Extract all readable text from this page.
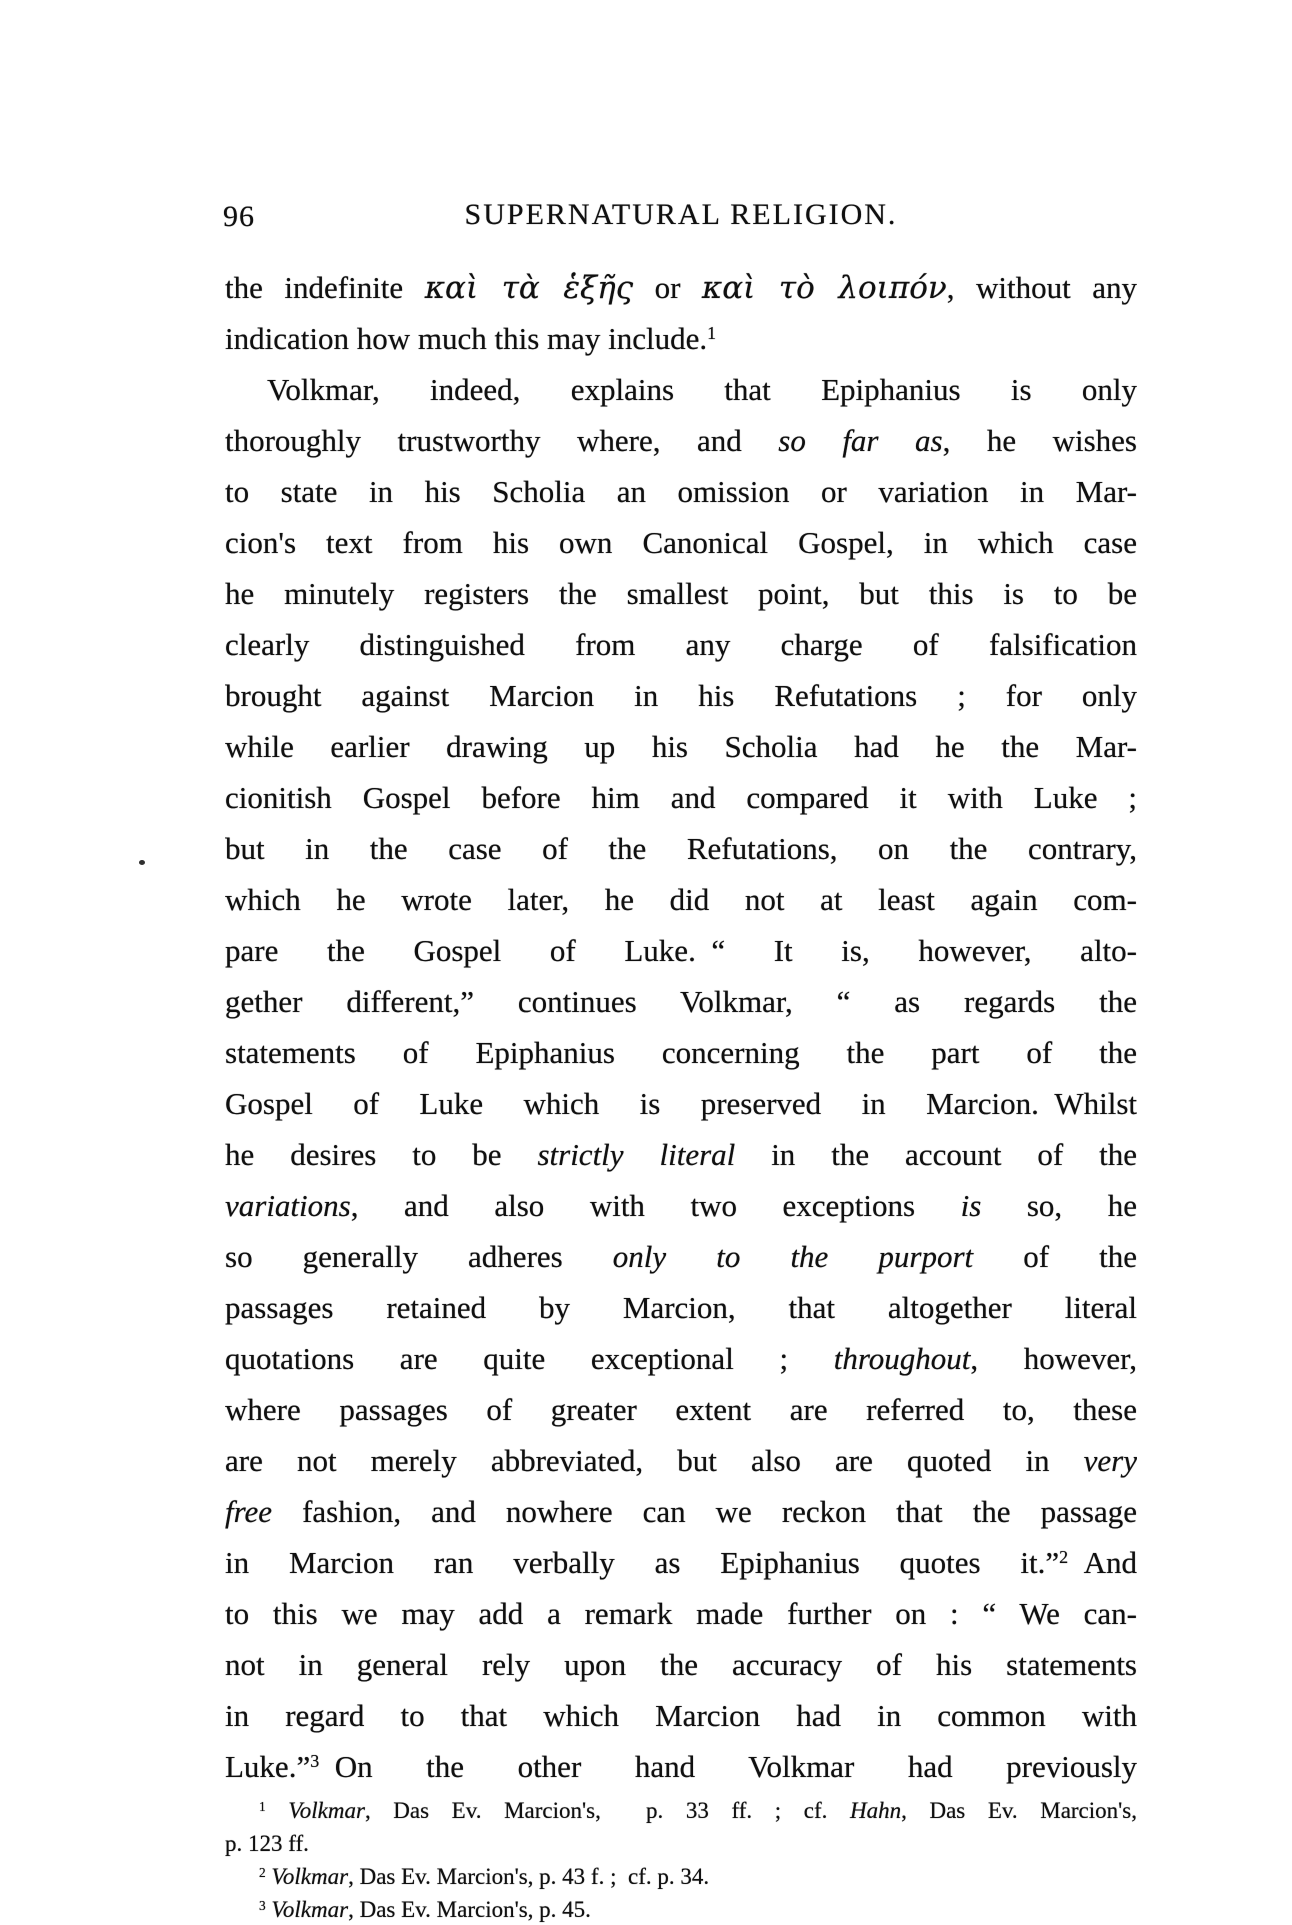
96	SUPERNATURAL RELIGION.
the indefinite καὶ τὰ ἑξῆς or καὶ τὸ λοιπόν, without any
indication how much this may include.$^1$
Volkmar, indeed, explains that Epiphanius is only
thoroughly trustworthy where, and so far as, he wishes
to state in his Scholia an omission or variation in Mar-
cion's text from his own Canonical Gospel, in which case
he minutely registers the smallest point, but this is to be
clearly distinguished from any charge of falsification
brought against Marcion in his Refutations ; for only
while earlier drawing up his Scholia had he the Mar-
cionitish Gospel before him and compared it with Luke ;
but in the case of the Refutations, on the contrary,
which he wrote later, he did not at least again com-
pare the Gospel of Luke. “ It is, however, alto-
gether different,” continues Volkmar, “ as regards the
statements of Epiphanius concerning the part of the
Gospel of Luke which is preserved in Marcion. Whilst
he desires to be strictly literal in the account of the
variations, and also with two exceptions is so, he
so generally adheres only to the purport of the
passages retained by Marcion, that altogether literal
quotations are quite exceptional ; throughout, however,
where passages of greater extent are referred to, these
are not merely abbreviated, but also are quoted in very
free fashion, and nowhere can we reckon that the passage
in Marcion ran verbally as Epiphanius quotes it.”$^2$ And
to this we may add a remark made further on : “ We can-
not in general rely upon the accuracy of his statements
in regard to that which Marcion had in common with
Luke.”$^3$ On the other hand Volkmar had previously
$^1$ Volkmar, Das Ev. Marcion's,  p. 33 ff. ; cf. Hahn, Das Ev. Marcion's,
p. 123 ff.
$^2$ Volkmar, Das Ev. Marcion's, p. 43 f. ;  cf. p. 34.
$^3$ Volkmar, Das Ev. Marcion's, p. 45.
